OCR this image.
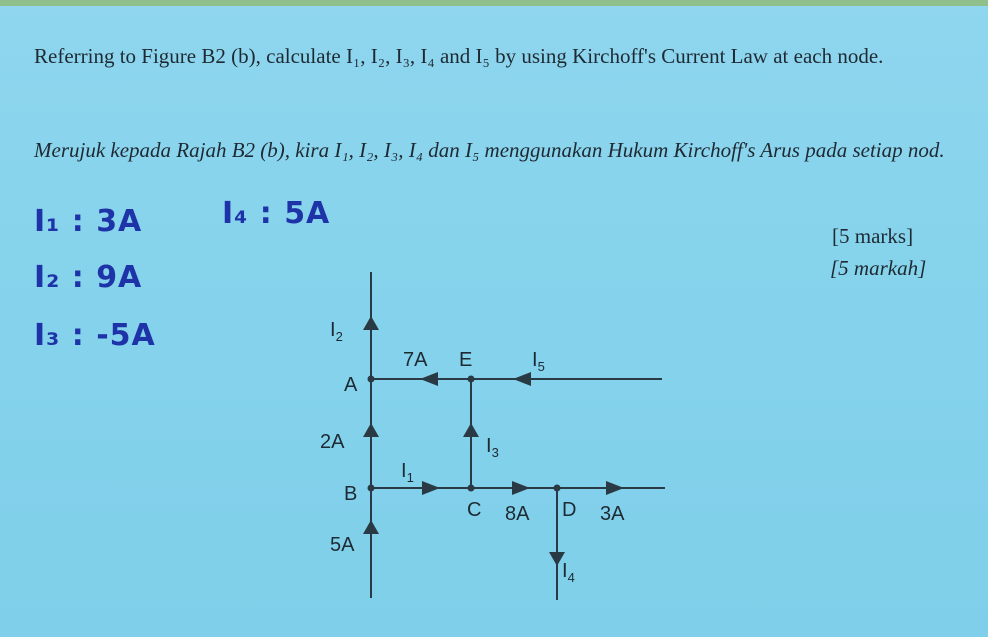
Referring to Figure B2 (b), calculate I₁, I₂, I₃, I₄ and I₅ by using Kirchoff's Current Law at each node.
Merujuk kepada Rajah B2 (b), kira I₁, I₂, I₃, I₄ dan I₅ menggunakan Hukum Kirchoff's Arus pada setiap nod.
[5 marks]
[5 markah]
I₁ : 3A	I₄ : 5A
I₂ : 9A
I₃ : -5A	$I_2$
7A E	$I_5$
A
2A	$I_3$
$I_1$
B
C 8A D 3A
5A
$I_4$
